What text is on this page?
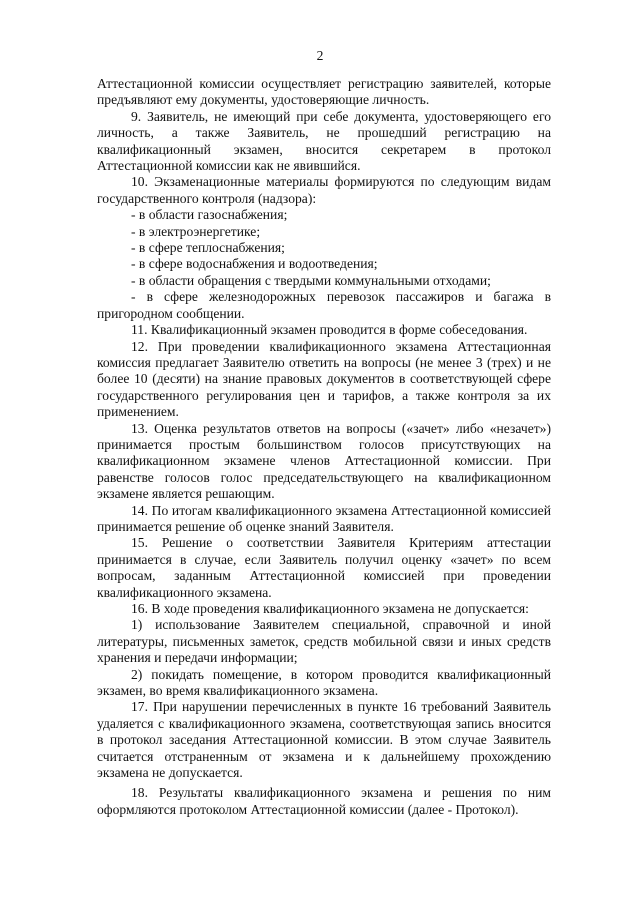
2

Аттестационной комиссии осуществляет регистрацию заявителей, которые предъявляют ему документы, удостоверяющие личность.

9. Заявитель, не имеющий при себе документа, удостоверяющего его личность, а также Заявитель, не прошедший регистрацию на квалификационный экзамен, вносится секретарем в протокол Аттестационной комиссии как не явившийся.

10. Экзаменационные материалы формируются по следующим видам государственного контроля (надзора):

- в области газоснабжения;

- в электроэнергетике;

- в сфере теплоснабжения;

- в сфере водоснабжения и водоотведения;

- в области обращения с твердыми коммунальными отходами;

- в сфере железнодорожных перевозок пассажиров и багажа в пригородном сообщении.

11. Квалификационный экзамен проводится в форме собеседования.

12. При проведении квалификационного экзамена Аттестационная комиссия предлагает Заявителю ответить на вопросы (не менее 3 (трех) и не более 10 (десяти) на знание правовых документов в соответствующей сфере государственного регулирования цен и тарифов, а также контроля за их применением.

13. Оценка результатов ответов на вопросы («зачет» либо «незачет») принимается простым большинством голосов присутствующих на квалификационном экзамене членов Аттестационной комиссии. При равенстве голосов голос председательствующего на квалификационном экзамене является решающим.

14. По итогам квалификационного экзамена Аттестационной комиссией принимается решение об оценке знаний Заявителя.

15. Решение о соответствии Заявителя Критериям аттестации принимается в случае, если Заявитель получил оценку «зачет» по всем вопросам, заданным Аттестационной комиссией при проведении квалификационного экзамена.

16. В ходе проведения квалификационного экзамена не допускается:

1) использование Заявителем специальной, справочной и иной литературы, письменных заметок, средств мобильной связи и иных средств хранения и передачи информации;

2) покидать помещение, в котором проводится квалификационный экзамен, во время квалификационного экзамена.

17. При нарушении перечисленных в пункте 16 требований Заявитель удаляется с квалификационного экзамена, соответствующая запись вносится в протокол заседания Аттестационной комиссии. В этом случае Заявитель считается отстраненным от экзамена и к дальнейшему прохождению экзамена не допускается.

18. Результаты квалификационного экзамена и решения по ним оформляются протоколом Аттестационной комиссии (далее - Протокол).
